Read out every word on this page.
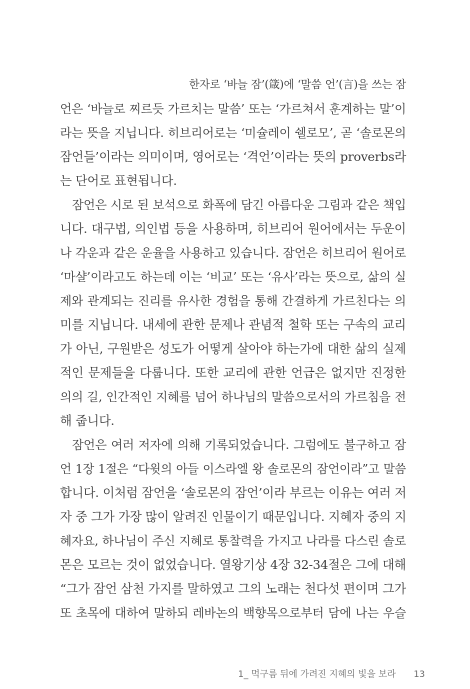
한자로 ‘바늘 잠’(箴)에 ‘말씀 언’(言)을 쓰는 잠
언은 ‘바늘로 찌르듯 가르치는 말씀’ 또는 ‘가르쳐서 훈계하는 말’이
라는 뜻을 지닙니다. 히브리어로는 ‘미슐레이 쉘로모’, 곧 ‘솔로몬의
잠언들’이라는 의미이며, 영어로는 ‘격언’이라는 뜻의 proverbs라
는 단어로 표현됩니다.
잠언은 시로 된 보석으로 화폭에 담긴 아름다운 그림과 같은 책입
니다. 대구법, 의인법 등을 사용하며, 히브리어 원어에서는 두운이
나 각운과 같은 운율을 사용하고 있습니다. 잠언은 히브리어 원어로
‘마샬’이라고도 하는데 이는 ‘비교’ 또는 ‘유사’라는 뜻으로, 삶의 실
제와 관계되는 진리를 유사한 경험을 통해 간결하게 가르친다는 의
미를 지닙니다. 내세에 관한 문제나 관념적 철학 또는 구속의 교리
가 아닌, 구원받은 성도가 어떻게 살아야 하는가에 대한 삶의 실제
적인 문제들을 다룹니다. 또한 교리에 관한 언급은 없지만 진정한
의의 길, 인간적인 지혜를 넘어 하나님의 말씀으로서의 가르침을 전
해 줍니다.
잠언은 여러 저자에 의해 기록되었습니다. 그럼에도 불구하고 잠
언 1장 1절은 “다윗의 아들 이스라엘 왕 솔로몬의 잠언이라”고 말씀
합니다. 이처럼 잠언을 ‘솔로몬의 잠언’이라 부르는 이유는 여러 저
자 중 그가 가장 많이 알려진 인물이기 때문입니다. 지혜자 중의 지
혜자요, 하나님이 주신 지혜로 통찰력을 가지고 나라를 다스린 솔로
몬은 모르는 것이 없었습니다. 열왕기상 4장 32-34절은 그에 대해
“그가 잠언 삼천 가지를 말하였고 그의 노래는 천다섯 편이며 그가
또 초목에 대하여 말하되 레바논의 백향목으로부터 담에 나는 우슬
1_ 먹구름 뒤에 가려진 지혜의 빛을 보라 13
